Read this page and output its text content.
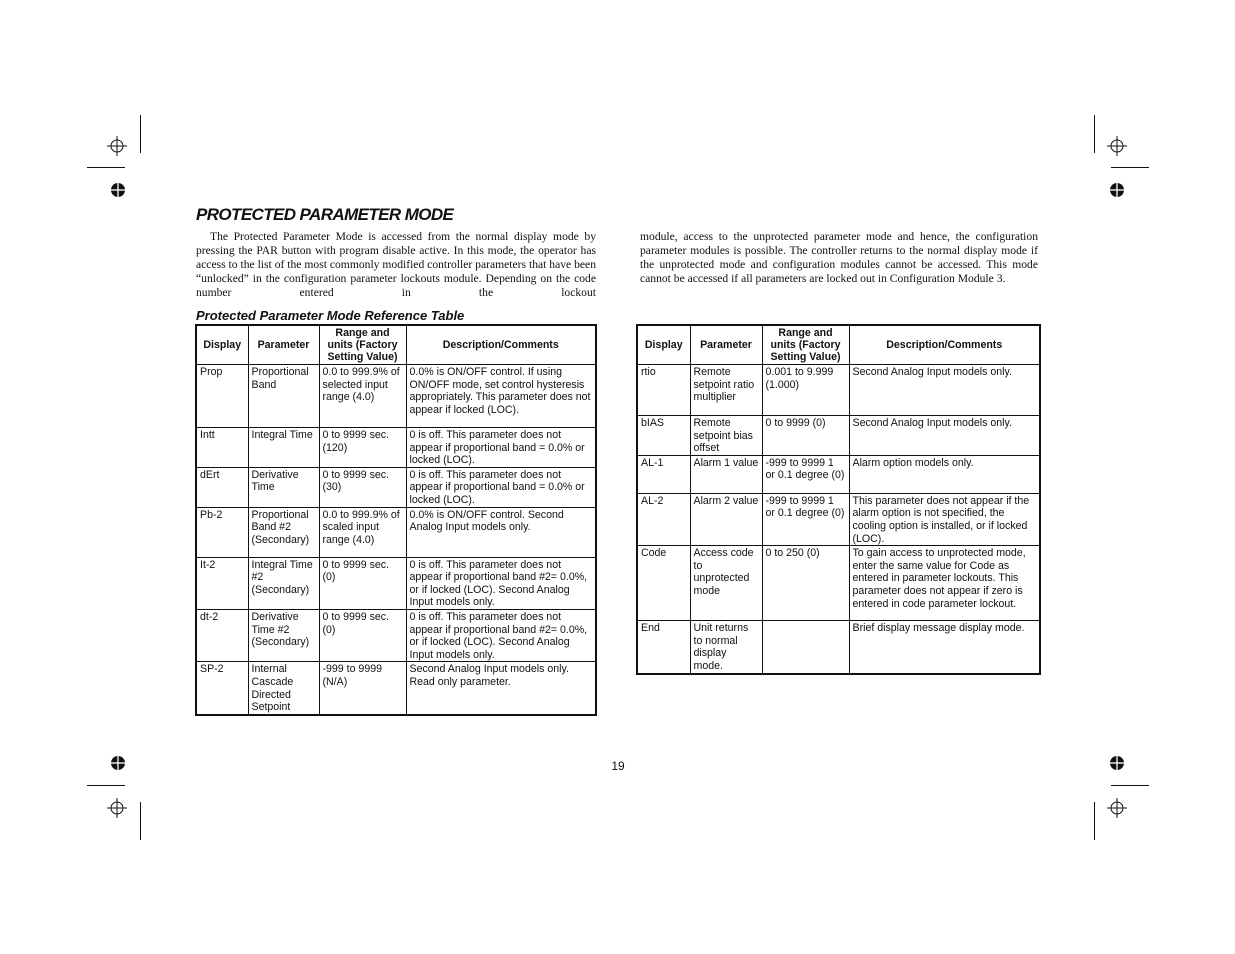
PROTECTED PARAMETER MODE

The Protected Parameter Mode is accessed from the normal display mode by pressing the PAR button with program disable active. In this mode, the operator has access to the list of the most commonly modified controller parameters that have been “unlocked” in the configuration parameter lockouts module. Depending on the code number entered in the lockout

module, access to the unprotected parameter mode and hence, the configuration parameter modules is possible. The controller returns to the normal display mode if the unprotected mode and configuration modules cannot be accessed. This mode cannot be accessed if all parameters are locked out in Configuration Module 3.

Protected Parameter Mode Reference Table
Display	Parameter	Range and units (Factory Setting Value)	Description/Comments
Prop	Proportional Band	0.0 to 999.9% of selected input range (4.0)	0.0% is ON/OFF control. If using ON/OFF mode, set control hysteresis appropriately. This parameter does not appear if locked (LOC).
Intt	Integral Time	0 to 9999 sec. (120)	0 is off. This parameter does not appear if proportional band = 0.0% or locked (LOC).
dErt	Derivative Time	0 to 9999 sec. (30)	0 is off. This parameter does not appear if proportional band = 0.0% or locked (LOC).
Pb-2	Proportional Band #2 (Secondary)	0.0 to 999.9% of scaled input range (4.0)	0.0% is ON/OFF control. Second Analog Input models only.
It-2	Integral Time #2 (Secondary)	0 to 9999 sec. (0)	0 is off. This parameter does not appear if proportional band #2= 0.0%, or if locked (LOC). Second Analog Input models only.
dt-2	Derivative Time #2 (Secondary)	0 to 9999 sec. (0)	0 is off. This parameter does not appear if proportional band #2= 0.0%, or if locked (LOC). Second Analog Input models only.
SP-2	Internal Cascade Directed Setpoint	-999 to 9999 (N/A)	Second Analog Input models only. Read only parameter.
Display	Parameter	Range and units (Factory Setting Value)	Description/Comments
rtio	Remote setpoint ratio multiplier	0.001 to 9.999 (1.000)	Second Analog Input models only.
bIAS	Remote setpoint bias offset	0 to 9999 (0)	Second Analog Input models only.
AL-1	Alarm 1 value	-999 to 9999 1 or 0.1 degree (0)	Alarm option models only.
AL-2	Alarm 2 value	-999 to 9999 1 or 0.1 degree (0)	This parameter does not appear if the alarm option is not specified, the cooling option is installed, or if locked (LOC).
Code	Access code to unprotected mode	0 to 250 (0)	To gain access to unprotected mode, enter the same value for Code as entered in parameter lockouts. This parameter does not appear if zero is entered in code parameter lockout.
End	Unit returns to normal display mode.		Brief display message display mode.
19
